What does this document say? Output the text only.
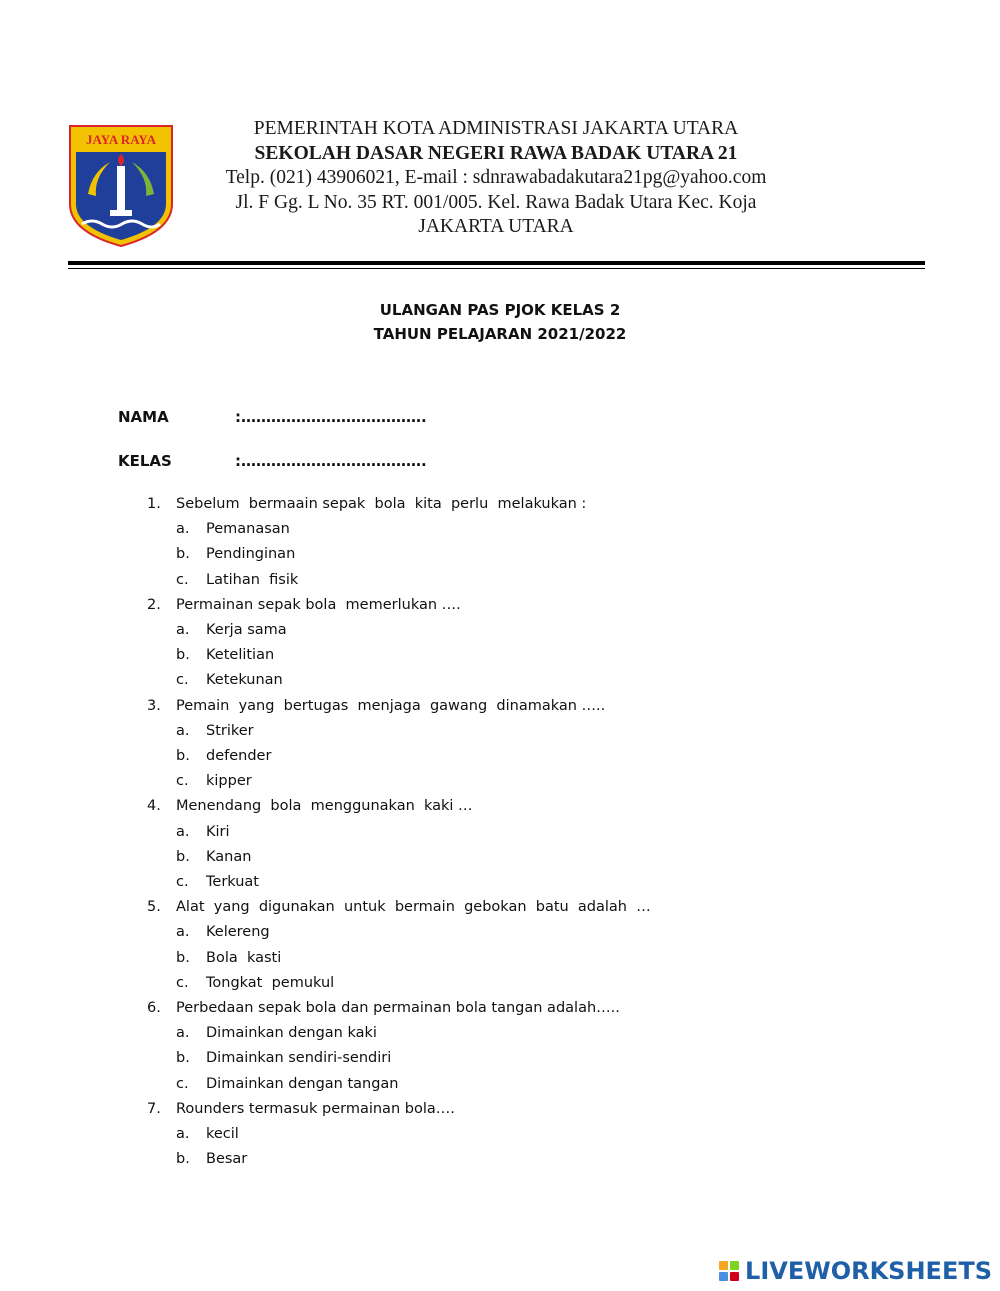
JAYA RAYA
PEMERINTAH KOTA ADMINISTRASI JAKARTA UTARA
SEKOLAH DASAR NEGERI RAWA BADAK UTARA 21
Telp. (021) 43906021, E-mail : sdnrawabadakutara21pg@yahoo.com
Jl. F Gg. L No. 35 RT. 001/005. Kel. Rawa Badak Utara Kec. Koja
JAKARTA UTARA
ULANGAN PAS PJOK KELAS 2
TAHUN PELAJARAN 2021/2022
NAMA	:……………………………….
KELAS	:……………………………….
1.	Sebelum  bermaain sepak  bola  kita  perlu  melakukan :
a.	Pemanasan
b.	Pendinginan
c.	Latihan  fisik
2.	Permainan sepak bola  memerlukan ….
a.	Kerja sama
b.	Ketelitian
c.	Ketekunan
3.	Pemain  yang  bertugas  menjaga  gawang  dinamakan …..
a.	Striker
b.	defender
c.	kipper
4.	Menendang  bola  menggunakan  kaki …
a.	Kiri
b.	Kanan
c.	Terkuat
5.	Alat  yang  digunakan  untuk  bermain  gebokan  batu  adalah  …
a.	Kelereng
b.	Bola  kasti
c.	Tongkat  pemukul
6.	Perbedaan sepak bola dan permainan bola tangan adalah…..
a.	Dimainkan dengan kaki
b.	Dimainkan sendiri-sendiri
c.	Dimainkan dengan tangan
7.	Rounders termasuk permainan bola….
a.	kecil
b.	Besar
LIVEWORKSHEETS
